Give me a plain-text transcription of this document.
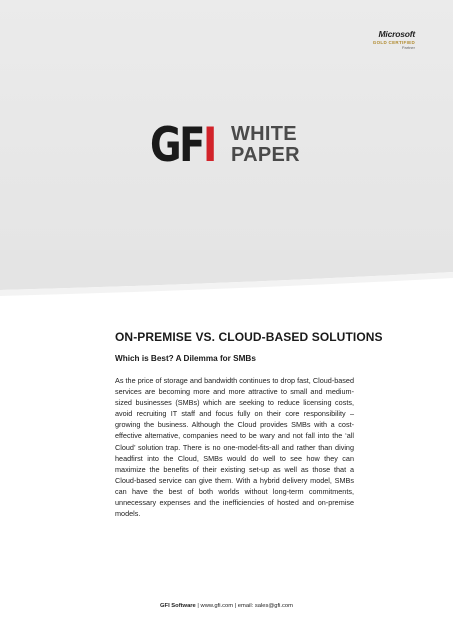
Microsoft
GOLD CERTIFIED
Partner
G F I WHITE
PAPER
ON-PREMISE VS. CLOUD-BASED SOLUTIONS
Which is Best? A Dilemma for SMBs

As the price of storage and bandwidth continues to drop fast, Cloud-based services are becoming more and more attractive to small and medium-sized businesses (SMBs) which are seeking to reduce licensing costs, avoid recruiting IT staff and focus fully on their core responsibility – growing the business. Although the Cloud provides SMBs with a cost-effective alternative, companies need to be wary and not fall into the ‘all Cloud’ solution trap. There is no one-model-fits-all and rather than diving headfirst into the Cloud, SMBs would do well to see how they can maximize the benefits of their existing set-up as well as those that a Cloud-based service can give them. With a hybrid delivery model, SMBs can have the best of both worlds without long-term commitments, unnecessary expenses and the inefficiencies of hosted and on-premise models.

GFI Software | www.gfi.com | email: sales@gfi.com
